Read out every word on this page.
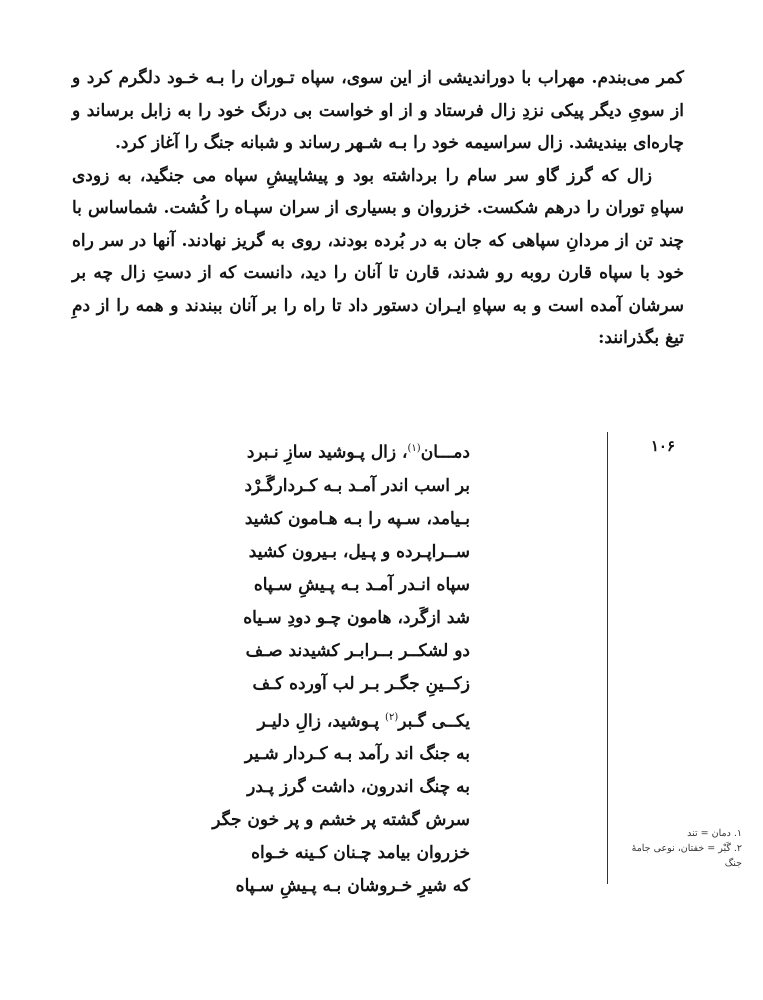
کمر می‌بندم. مهراب با دوراندیشی از این سوی، سپاه تـوران را بـه خـود دلگرم کرد و از سویِ دیگر پیکی نزدِ زال فرستاد و از او خواست بی درنگ خود را به زابل برساند و چاره‌ای بیندیشد. زال سراسیمه خود را بـه شـهر رساند و شبانه جنگ را آغاز کرد.

زال که گرز گاو سر سام را برداشته بود و پیشاپیشِ سپاه می جنگید، به زودی سپاهِ توران را درهم شکست. خزروان و بسیاری از سران سپـاه را کُشت. شماساس با چند تن از مردانِ سپاهی که جان به در بُرده بودند، روی به گریز نهادند. آنها در سر راه خود با سپاه قارن روبه رو شدند، قارن تا آنان را دید، دانست که از دستِ زال چه بر سرشان آمده است و به سپاهِ ایـران دستور داد تا راه را بر آنان ببندند و همه را از دمِ تیغ بگذرانند:

۱۰۶
دمـــان$^{(۱)}$، زال پـوشید سازِ نـبرد
بر اسب اندر آمـد بـه کـردارگَـرْد
بـیامد، سـپه را بـه هـامون کشید
ســراپـرده و پـیل، بـیرون کشید
سپاه انـدر آمـد بـه پـیشِ سـپاه
شد ازگَرد، هامون چـو دودِ سـیاه
دو لشکــر بــرابـر کشیدند صـف
زکــینِ جگـر بـر لب آورده کـف
یکــی گـبر$^{(۲)}$ پـوشید، زالِ دلیـر
به جنگ اند رآمد بـه کـردار شـیر
به چنگ اندرون، داشت گرز پـدر
سرش گشته پر خشم و پر خون جگر
خزروان بیامد چـنان کـینه خـواه
که شیرِ خـروشان بـه پـیشِ سـپاه
۱. دمان = تند
۲. گَبْر = خفتان، نوعی جامهٔ جنگ
